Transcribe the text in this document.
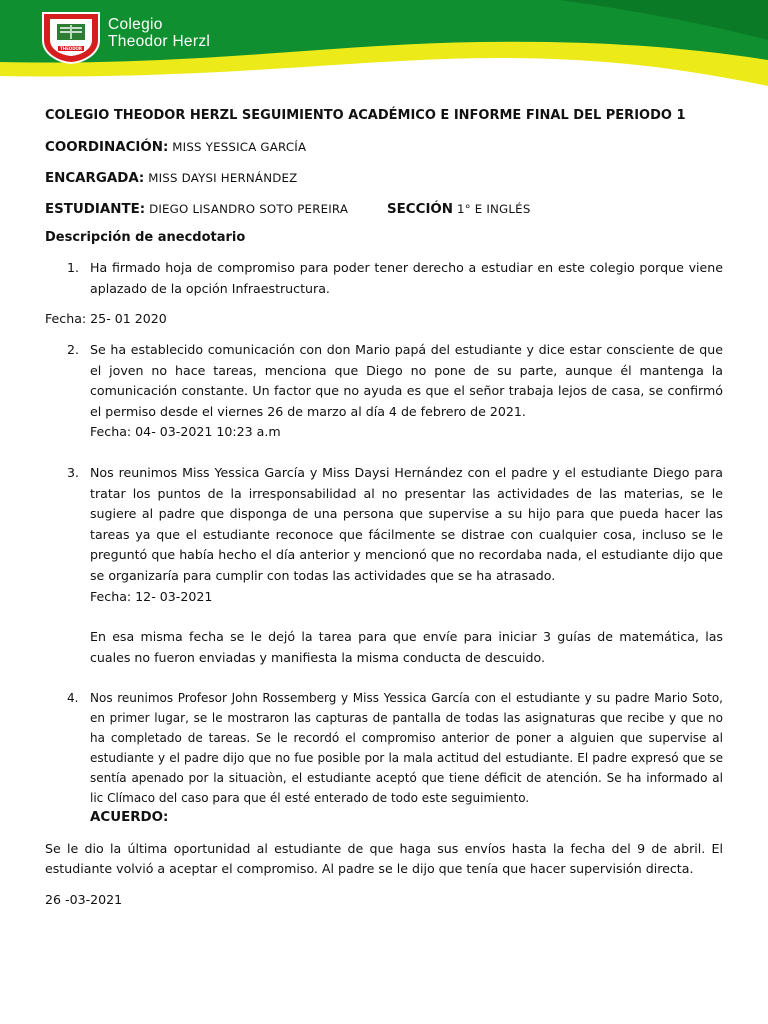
THEODOR
Colegio
Theodor Herzl

COLEGIO THEODOR HERZL SEGUIMIENTO ACADÉMICO E INFORME FINAL DEL PERIODO 1

COORDINACIÓN: MISS YESSICA GARCÍA
ENCARGADA: MISS DAYSI HERNÁNDEZ
ESTUDIANTE: DIEGO LISANDRO SOTO PEREIRA	SECCIÓN 1° E INGLÉS
Descripción de anecdotario
1. Ha firmado hoja de compromiso para poder tener derecho a estudiar en este colegio porque viene aplazado de la opción Infraestructura.

Fecha: 25- 01 2020

2. Se ha establecido comunicación con don Mario papá del estudiante y dice estar consciente de que el joven no hace tareas, menciona que Diego no pone de su parte, aunque él mantenga la comunicación constante. Un factor que no ayuda es que el señor trabaja lejos de casa, se confirmó el permiso desde el viernes 26 de marzo al día 4 de febrero de 2021.

Fecha: 04- 03-2021 10:23 a.m

3. Nos reunimos Miss Yessica García y Miss Daysi Hernández con el padre y el estudiante Diego para tratar los puntos de la irresponsabilidad al no presentar las actividades de las materias, se le sugiere al padre que disponga de una persona que supervise a su hijo para que pueda hacer las tareas ya que el estudiante reconoce que fácilmente se distrae con cualquier cosa, incluso se le preguntó que había hecho el día anterior y mencionó que no recordaba nada, el estudiante dijo que se organizaría para cumplir con todas las actividades que se ha atrasado.

Fecha: 12- 03-2021

En esa misma fecha se le dejó la tarea para que envíe para iniciar 3 guías de matemática, las cuales no fueron enviadas y manifiesta la misma conducta de descuido.

4. Nos reunimos Profesor John Rossemberg y Miss Yessica García con el estudiante y su padre Mario Soto, en primer lugar, se le mostraron las capturas de pantalla de todas las asignaturas que recibe y que no ha completado de tareas. Se le recordó el compromiso anterior de poner a alguien que supervise al estudiante y el padre dijo que no fue posible por la mala actitud del estudiante. El padre expresó que se sentía apenado por la situaciòn, el estudiante aceptó que tiene déficit de atención. Se ha informado al lic Clímaco del caso para que él esté enterado de todo este seguimiento.

ACUERDO:

Se le dio la última oportunidad al estudiante de que haga sus envíos hasta la fecha del 9 de abril. El estudiante volvió a aceptar el compromiso. Al padre se le dijo que tenía que hacer supervisión directa.

26 -03-2021
